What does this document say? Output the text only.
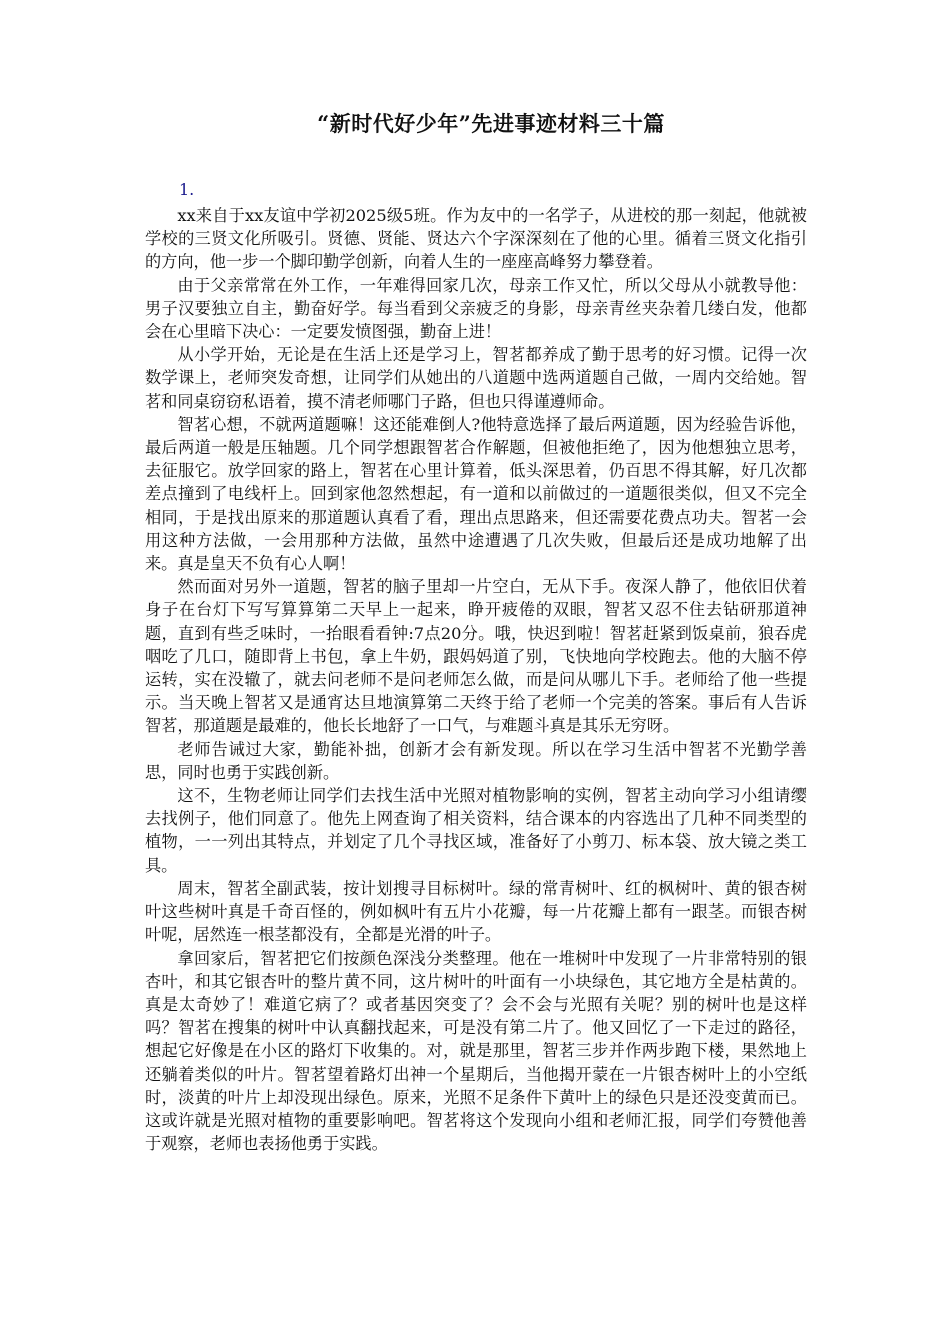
“新时代好少年”先进事迹材料三十篇
1.

xx来自于xx友谊中学初2025级5班。作为友中的一名学子，从进校的那一刻起，他就被学校的三贤文化所吸引。贤德、贤能、贤达六个字深深刻在了他的心里。循着三贤文化指引的方向，他一步一个脚印勤学创新，向着人生的一座座高峰努力攀登着。

由于父亲常常在外工作，一年难得回家几次，母亲工作又忙，所以父母从小就教导他：男子汉要独立自主，勤奋好学。每当看到父亲疲乏的身影，母亲青丝夹杂着几缕白发，他都会在心里暗下决心：一定要发愤图强，勤奋上进！

从小学开始，无论是在生活上还是学习上，智茗都养成了勤于思考的好习惯。记得一次数学课上，老师突发奇想，让同学们从她出的八道题中选两道题自己做，一周内交给她。智茗和同桌窃窃私语着，摸不清老师哪门子路，但也只得谨遵师命。

智茗心想，不就两道题嘛！这还能难倒人?他特意选择了最后两道题，因为经验告诉他，最后两道一般是压轴题。几个同学想跟智茗合作解题，但被他拒绝了，因为他想独立思考，去征服它。放学回家的路上，智茗在心里计算着，低头深思着，仍百思不得其解，好几次都差点撞到了电线杆上。回到家他忽然想起，有一道和以前做过的一道题很类似，但又不完全相同，于是找出原来的那道题认真看了看，理出点思路来，但还需要花费点功夫。智茗一会用这种方法做，一会用那种方法做，虽然中途遭遇了几次失败，但最后还是成功地解了出来。真是皇天不负有心人啊！

然而面对另外一道题，智茗的脑子里却一片空白，无从下手。夜深人静了，他依旧伏着身子在台灯下写写算算第二天早上一起来，睁开疲倦的双眼，智茗又忍不住去钻研那道神题，直到有些乏味时，一抬眼看看钟:7点20分。哦，快迟到啦！智茗赶紧到饭桌前，狼吞虎咽吃了几口，随即背上书包，拿上牛奶，跟妈妈道了别，飞快地向学校跑去。他的大脑不停运转，实在没辙了，就去问老师不是问老师怎么做，而是问从哪儿下手。老师给了他一些提示。当天晚上智茗又是通宵达旦地演算第二天终于给了老师一个完美的答案。事后有人告诉智茗，那道题是最难的，他长长地舒了一口气，与难题斗真是其乐无穷呀。

老师告诫过大家，勤能补拙，创新才会有新发现。所以在学习生活中智茗不光勤学善思，同时也勇于实践创新。

这不，生物老师让同学们去找生活中光照对植物影响的实例，智茗主动向学习小组请缨去找例子，他们同意了。他先上网查询了相关资料，结合课本的内容选出了几种不同类型的植物，一一列出其特点，并划定了几个寻找区域，准备好了小剪刀、标本袋、放大镜之类工具。

周末，智茗全副武装，按计划搜寻目标树叶。绿的常青树叶、红的枫树叶、黄的银杏树叶这些树叶真是千奇百怪的，例如枫叶有五片小花瓣，每一片花瓣上都有一跟茎。而银杏树叶呢，居然连一根茎都没有，全都是光滑的叶子。

拿回家后，智茗把它们按颜色深浅分类整理。他在一堆树叶中发现了一片非常特别的银杏叶，和其它银杏叶的整片黄不同，这片树叶的叶面有一小块绿色，其它地方全是枯黄的。真是太奇妙了！难道它病了？或者基因突变了？会不会与光照有关呢？别的树叶也是这样吗？智茗在搜集的树叶中认真翻找起来，可是没有第二片了。他又回忆了一下走过的路径，想起它好像是在小区的路灯下收集的。对，就是那里，智茗三步并作两步跑下楼，果然地上还躺着类似的叶片。智茗望着路灯出神一个星期后，当他揭开蒙在一片银杏树叶上的小空纸时，淡黄的叶片上却没现出绿色。原来，光照不足条件下黄叶上的绿色只是还没变黄而已。这或许就是光照对植物的重要影响吧。智茗将这个发现向小组和老师汇报，同学们夸赞他善于观察，老师也表扬他勇于实践。
